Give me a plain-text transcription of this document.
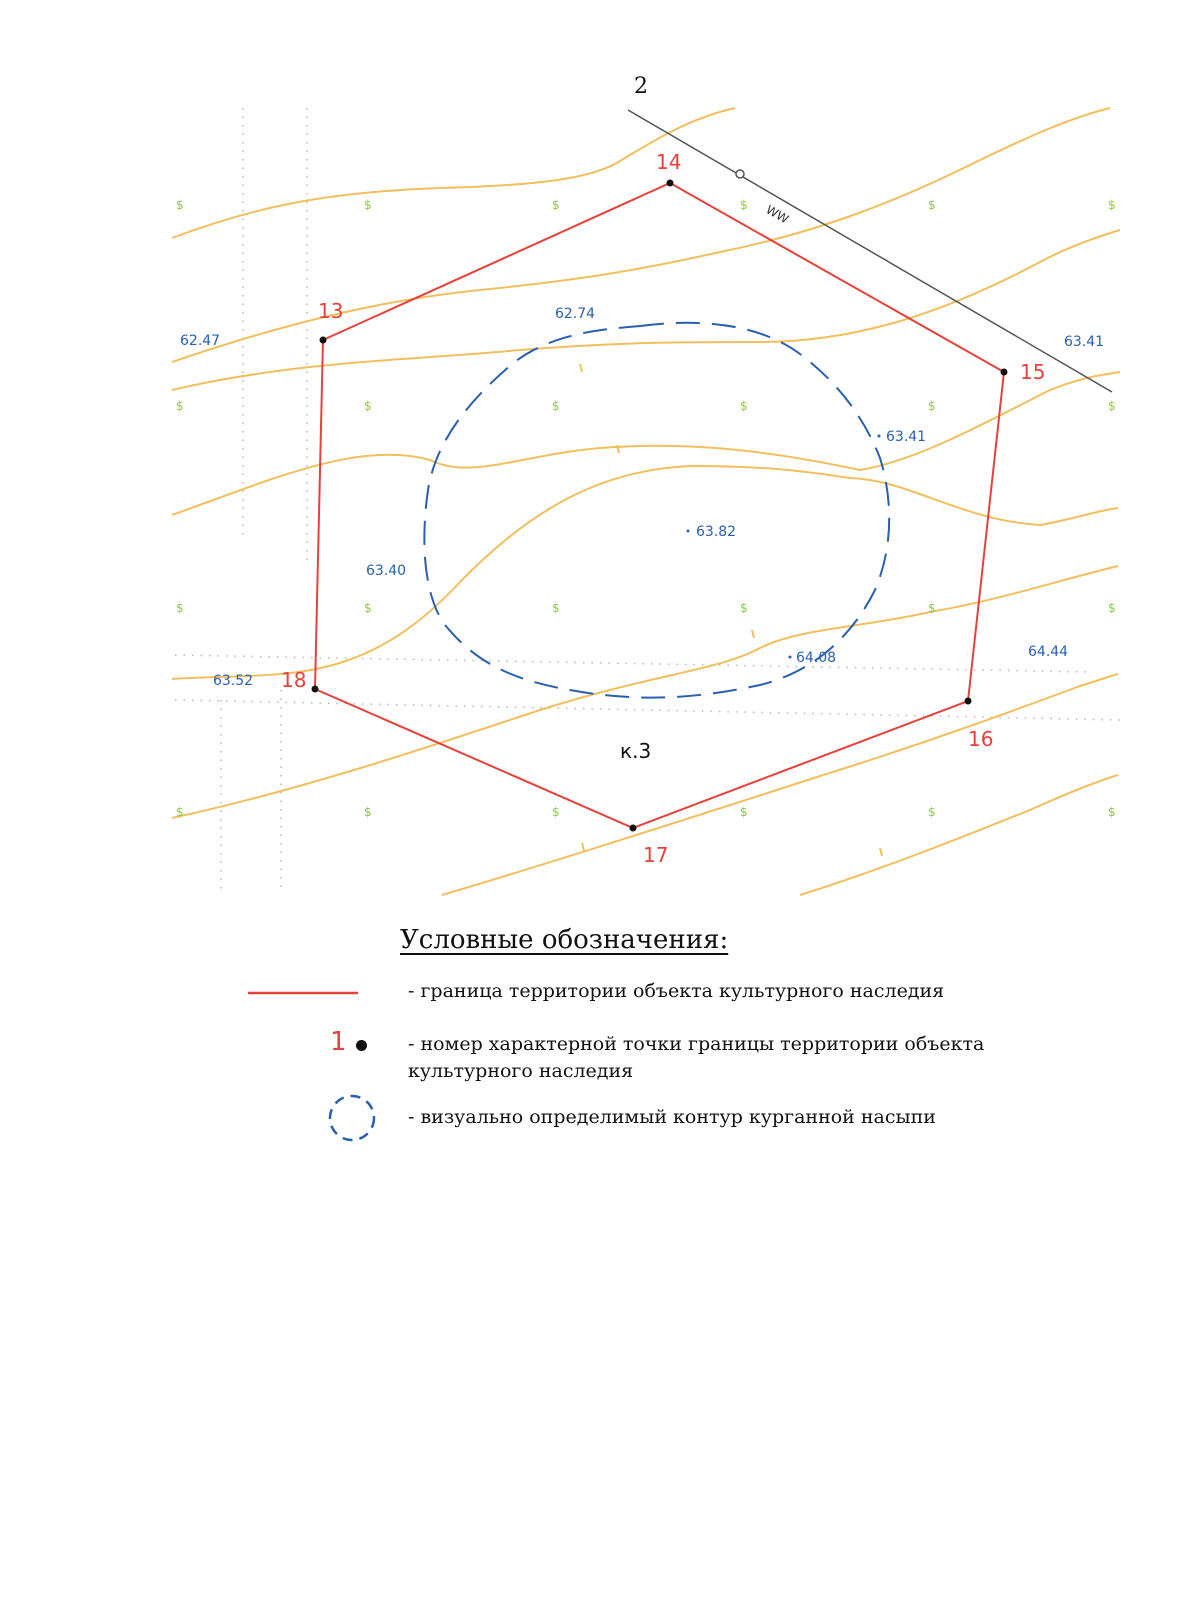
WW
2
$	$	$	$	$	$
$	$	$	$	$	$
$	$	$	$	$	$
$	$	$	$	$	$
13
14
15
16
17
18
62.47
62.74
63.41
63.41
63.82
63.40
64.08	64.44
63.52
к.3
Условные обозначения:
- граница территории объекта культурного наследия
1	- номер характерной точки границы территории объекта культурного наследия
- визуально определимый контур курганной насыпи
